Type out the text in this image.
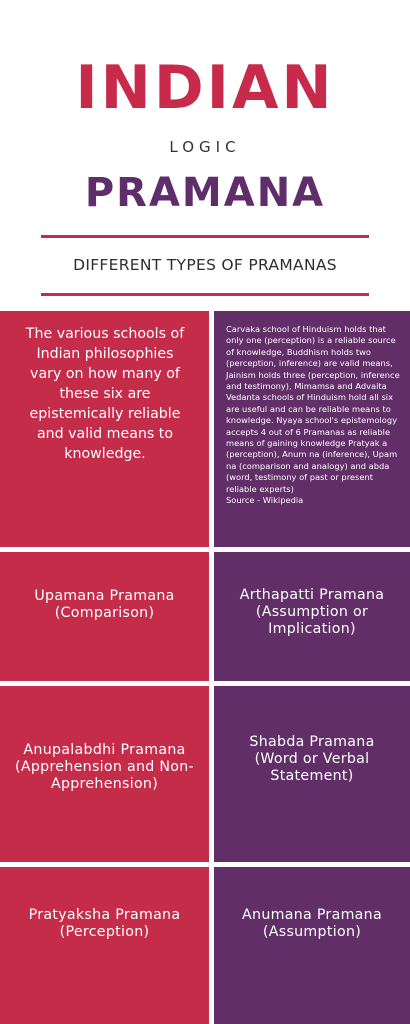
INDIAN
LOGIC
PRAMANA
DIFFERENT TYPES OF PRAMANAS
The various schools of Indian philosophies vary on how many of these six are epistemically reliable and valid means to knowledge.
Carvaka school of Hinduism holds that only one (perception) is a reliable source of knowledge, Buddhism holds two (perception, inference) are valid means, Jainism holds three (perception, inference and testimony), Mimamsa and Advaita Vedanta schools of Hinduism hold all six are useful and can be reliable means to knowledge. Nyaya school's epistemology accepts 4 out of 6 Pramanas as reliable means of gaining knowledge Pratyak a (perception), Anum na (inference), Upam na (comparison and analogy) and abda (word, testimony of past or present reliable experts)
Source - Wikipedia
Upamana Pramana (Comparison)
Arthapatti Pramana (Assumption or Implication)
Anupalabdhi Pramana (Apprehension and Non- Apprehension)
Shabda Pramana (Word or Verbal Statement)
Pratyaksha Pramana (Perception)
Anumana Pramana (Assumption)
